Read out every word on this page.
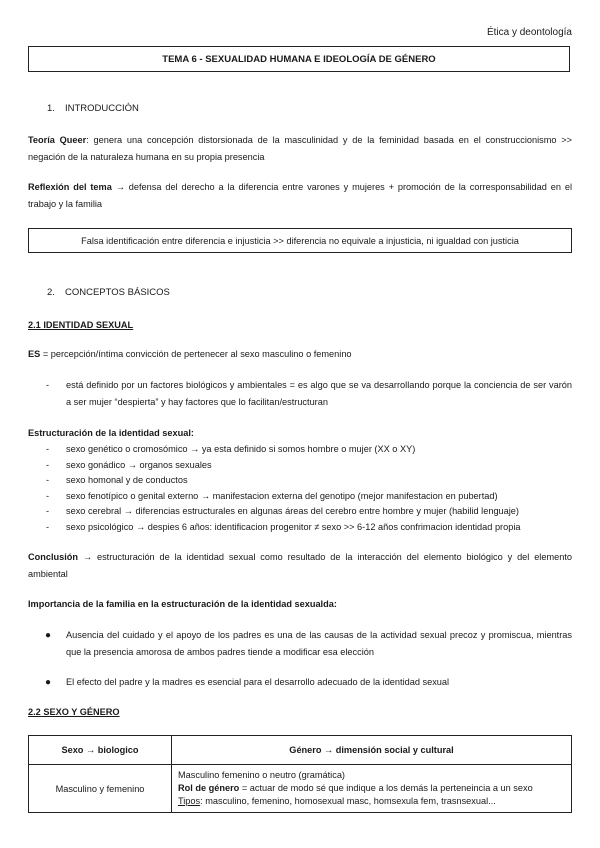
Ética y deontología
TEMA 6 - SEXUALIDAD HUMANA E IDEOLOGÍA DE GÉNERO
1. INTRODUCCIÓN
Teoría Queer: genera una concepción distorsionada de la masculinidad y de la feminidad basada en el construccionismo >> negación de la naturaleza humana en su propia presencia
Reflexión del tema → defensa del derecho a la diferencia entre varones y mujeres + promoción de la corresponsabilidad en el trabajo y la familia
Falsa identificación entre diferencia e injusticia >> diferencia no equivale a injusticia, ni igualdad con justicia
2. CONCEPTOS BÁSICOS
2.1 IDENTIDAD SEXUAL
ES = percepción/íntima convicción de pertenecer al sexo masculino o femenino
- está definido por un factores biológicos y ambientales = es algo que se va desarrollando porque la conciencia de ser varón a ser mujer “despierta” y hay factores que lo facilitan/estructuran
Estructuración de la identidad sexual:
- sexo genético o cromosómico → ya esta definido si somos hombre o mujer (XX o XY)
- sexo gonádico → organos sexuales
- sexo homonal y de conductos
- sexo fenotípico o genital externo → manifestacion externa del genotipo (mejor manifestacion en pubertad)
- sexo cerebral → diferencias estructurales en algunas áreas del cerebro entre hombre y mujer (habilid lenguaje)
- sexo psicológico → despies 6 años: identificacion progenitor ≠ sexo >> 6-12 años confrimacion identidad propia
Conclusión → estructuración de la identidad sexual como resultado de la interacción del elemento biológico y del elemento ambiental
Importancia de la familia en la estructuración de la identidad sexualda:
● Ausencia del cuidado y el apoyo de los padres es una de las causas de la actividad sexual precoz y promiscua, mientras que la presencia amorosa de ambos padres tiende a modificar esa elección
● El efecto del padre y la madres es esencial para el desarrollo adecuado de la identidad sexual
2.2 SEXO Y GÉNERO
Sexo → biologico	Género → dimensión social y cultural
Masculino y femenino	Masculino femenino o neutro (gramática)
Rol de género = actuar de modo sé que indique a los demás la perteneincia a un sexo
Tipos: masculino, femenino, homosexual masc, homsexula fem, trasnsexual...
